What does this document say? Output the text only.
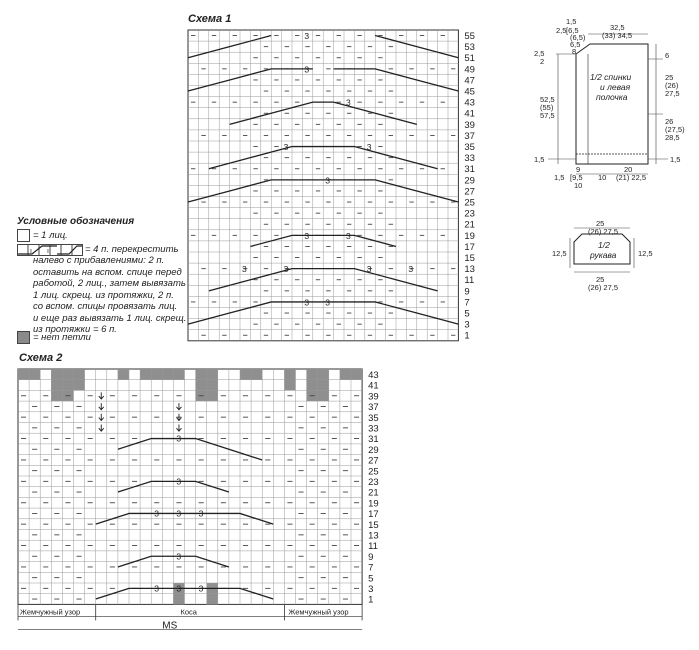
Схема 1
3
3
3
3	3
3
3	3
3	3
3
3
3	3
55
53
51
49
47
45
43
41
39
37
35
33
31
29
27
25
23
21
19
17
15
13
11
9
7
5
3
1
Схема 2
3
3
3
3
3
3	3
3	3
43
41
39
37
35
33
31
29
27
25
23
21
19
17
15
13
11
9
7
5
3
1
Жемчужный узор	Коса	Жемчужный узор
MS
Условные обозначения
= 1 лиц.
ı ı	= 4 п. перекрестить
налево с прибавлениями: 2 п.
оставить на вспом. спице перед
работой, 2 лиц., затем вывязать
1 лиц. скрещ. из протяжки, 2 п.
со вспом. спицы провязать лиц.
и еще раз вывязать 1 лиц. скрещ.
из протяжки = 6 п.
= нет петли
1/2 спинки
и левая
полочка
1,5
2,5 [6,5
(6,5)
6,5
8
32,5
(33) 34,5
2,5
2
6
25
(26)
27,5
26
(27,5)
28,5
52,5
(55)
57,5
1,5	1,5
9
[9,5
10
10
20
(21) 22,5
1,5
1/2
рукава
25
(26) 27,5
25
(26) 27,5
12,5	12,5
